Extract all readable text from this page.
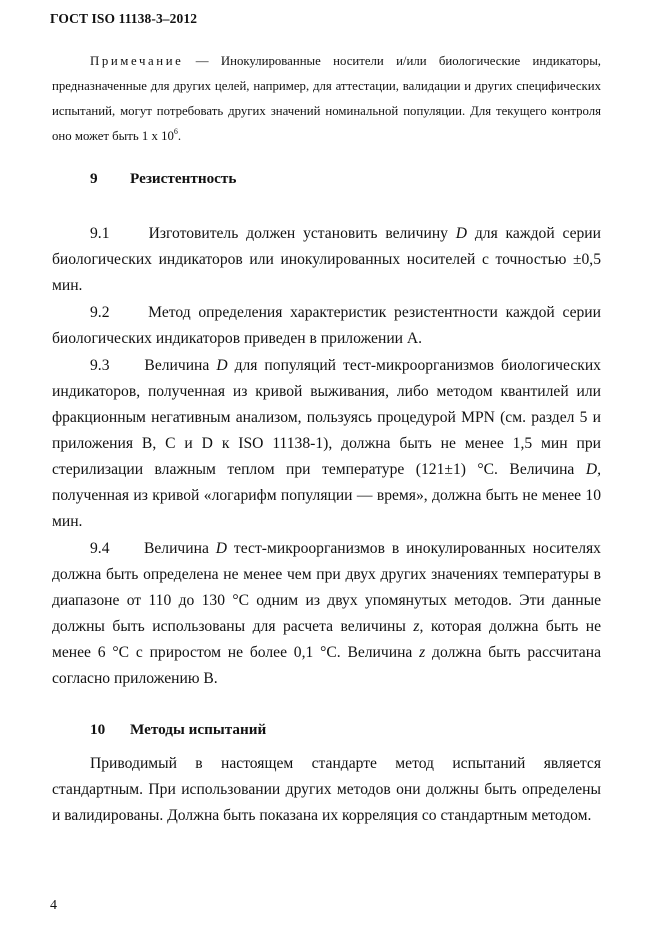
ГОСТ ISO 11138-3–2012

Примечание — Инокулированные носители и/или биологические индикаторы, предназначенные для других целей, например, для аттестации, валидации и других специфических испытаний, могут потребовать других значений номинальной популяции. Для текущего контроля оно может быть 1 х $10^6$.

9 Резистентность

9.1	Изготовитель должен установить величину D для каждой серии биологических индикаторов или инокулированных носителей с точностью ±0,5 мин.

9.2 Метод определения характеристик резистентности каждой серии биологических индикаторов приведен в приложении А.

9.3 Величина D для популяций тест-микроорганизмов биологических индикаторов, полученная из кривой выживания, либо методом квантилей или фракционным негативным анализом, пользуясь процедурой MPN (см. раздел 5 и приложения B, C и D к ISO 11138-1), должна быть не менее 1,5 мин при стерилизации влажным теплом при температуре (121±1) °С. Величина D, полученная из кривой «логарифм популяции — время», должна быть не менее 10 мин.

9.4 Величина D тест-микроорганизмов в инокулированных носителях должна быть определена не менее чем при двух других значениях температуры в диапазоне от 110 до 130 °С одним из двух упомянутых методов. Эти данные должны быть использованы для расчета величины z, которая должна быть не менее 6 °С с приростом не более 0,1 °С. Величина z должна быть рассчитана согласно приложению В.

10 Методы испытаний

Приводимый в настоящем стандарте метод испытаний является стандартным. При использовании других методов они должны быть определены и валидированы. Должна быть показана их корреляция со стандартным методом.

4
